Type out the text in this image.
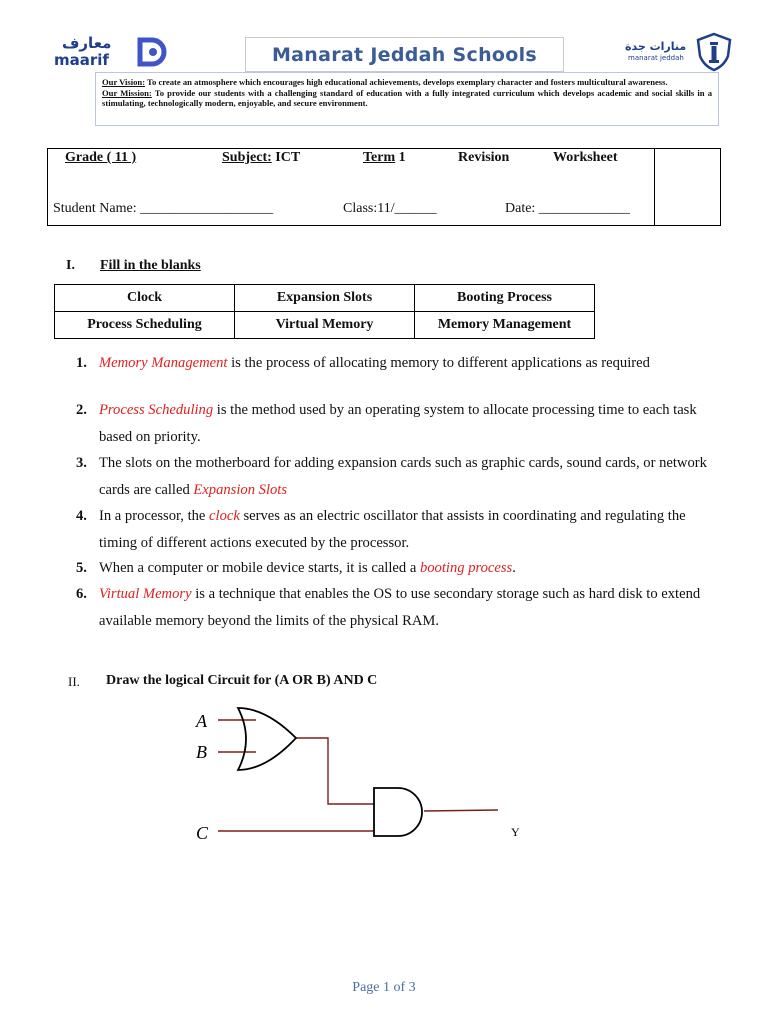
معارف
maarif	Manarat Jeddah Schools	منارات جدة
manarat jeddah
Our Vision: To create an atmosphere which encourages high educational achievements, develops exemplary character and fosters multicultural awareness.
Our Mission: To provide our students with a challenging standard of education with a fully integrated curriculum which develops academic and social skills in a stimulating, technologically modern, enjoyable, and secure environment.
Grade ( 11 )	Subject: ICT	Term 1	Revision	Worksheet
Student Name: ___________________	Class:11/______	Date: _____________
I. Fill in the blanks
Clock	Expansion Slots	Booting Process
Process Scheduling	Virtual Memory	Memory Management
1. Memory Management is the process of allocating memory to different applications as required
2. Process Scheduling is the method used by an operating system to allocate processing time to each task based on priority.
3. The slots on the motherboard for adding expansion cards such as graphic cards, sound cards, or network cards are called Expansion Slots
4. In a processor, the clock serves as an electric oscillator that assists in coordinating and regulating the timing of different actions executed by the processor.
5. When a computer or mobile device starts, it is called a booting process.
6. Virtual Memory is a technique that enables the OS to use secondary storage such as hard disk to extend available memory beyond the limits of the physical RAM.
II. Draw the logical Circuit for (A OR B) AND C
A
B
C	Y
Page 1 of 3
